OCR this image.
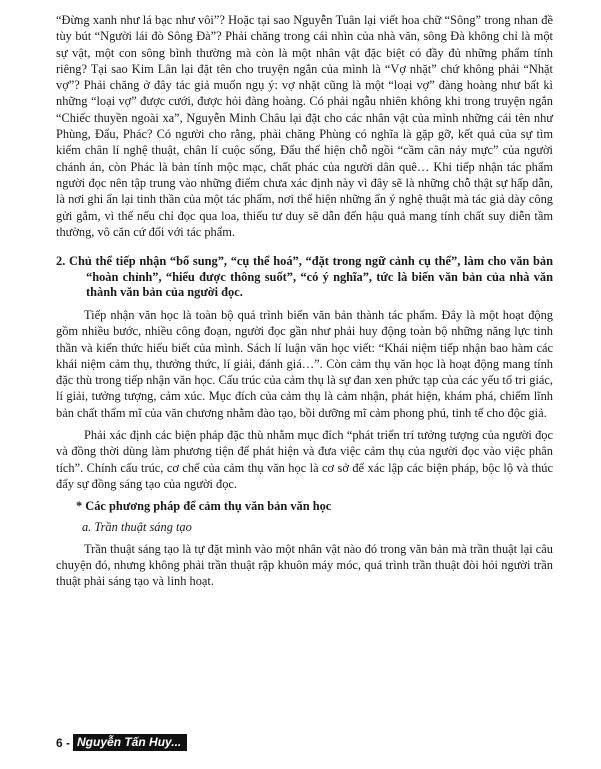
“Đừng xanh như lá bạc như vôi”? Hoặc tại sao Nguyễn Tuân lại viết hoa chữ “Sông” trong nhan đề tùy bút “Người lái đò Sông Đà”? Phải chăng trong cái nhìn của nhà văn, sông Đà không chỉ là một sự vật, một con sông bình thường mà còn là một nhân vật đặc biệt có đầy đủ những phẩm tính riêng? Tại sao Kim Lân lại đặt tên cho truyện ngắn của mình là “Vợ nhặt” chứ không phải “Nhặt vợ”? Phải chăng ở đây tác giả muốn ngụ ý: vợ nhặt cũng là một “loại vợ” đàng hoàng như bất kì những “loại vợ” được cưới, được hỏi đàng hoàng. Có phải ngẫu nhiên không khi trong truyện ngắn “Chiếc thuyền ngoài xa”, Nguyễn Minh Châu lại đặt cho các nhân vật của mình những cái tên như Phùng, Đẩu, Phác? Có người cho rằng, phải chăng Phùng có nghĩa là gặp gỡ, kết quả của sự tìm kiếm chân lí nghệ thuật, chân lí cuộc sống, Đẩu thể hiện chỗ ngồi “cầm cân nảy mực” của người chánh án, còn Phác là bản tính mộc mạc, chất phác của người dân quê… Khi tiếp nhận tác phẩm người đọc nên tập trung vào những điểm chưa xác định này vì đây sẽ là những chỗ thật sự hấp dẫn, là nơi ghi ẩn lại tinh thần của một tác phẩm, nơi thể hiện những ẩn ý nghệ thuật mà tác giả dày công gửi gắm, vì thế nếu chỉ đọc qua loa, thiếu tư duy sẽ dẫn đến hậu quả mang tính chất suy diễn tầm thường, vô căn cứ đối với tác phẩm.

2. Chủ thể tiếp nhận “bổ sung”, “cụ thể hoá”, “đặt trong ngữ cảnh cụ thể”, làm cho văn bản “hoàn chỉnh”, “hiểu được thông suốt”, “có ý nghĩa”, tức là biến văn bản của nhà văn thành văn bản của người đọc.

Tiếp nhận văn học là toàn bộ quá trình biến văn bản thành tác phẩm. Đây là một hoạt động gồm nhiều bước, nhiều công đoạn, người đọc gần như phải huy động toàn bộ những năng lực tinh thần và kiến thức hiểu biết của mình. Sách lí luận văn học viết: “Khái niệm tiếp nhận bao hàm các khái niệm cảm thụ, thưởng thức, lí giải, đánh giá…”. Còn cảm thụ văn học là hoạt động mang tính đặc thù trong tiếp nhận văn học. Cấu trúc của cảm thụ là sự đan xen phức tạp của các yếu tố tri giác, lí giải, tưởng tượng, cảm xúc. Mục đích của cảm thụ là cảm nhận, phát hiện, khám phá, chiếm lĩnh bản chất thẩm mĩ của văn chương nhằm đào tạo, bồi dưỡng mĩ cảm phong phú, tinh tế cho độc giả.

Phải xác định các biện pháp đặc thù nhằm mục đích “phát triển trí tưởng tượng của người đọc và đồng thời dùng làm phương tiện để phát hiện và đưa việc cảm thụ của người đọc vào việc phân tích”. Chính cấu trúc, cơ chế của cảm thụ văn học là cơ sở để xác lập các biện pháp, bộc lộ và thúc đẩy sự đồng sáng tạo của người đọc.

* Các phương pháp để cảm thụ văn bản văn học

a. Trần thuật sáng tạo

Trần thuật sáng tạo là tự đặt mình vào một nhân vật nào đó trong văn bản mà trần thuật lại câu chuyện đó, nhưng không phải trần thuật rập khuôn máy móc, quá trình trần thuật đòi hỏi người trần thuật phải sáng tạo và linh hoạt.

6 - Nguyễn Tấn Huy...
